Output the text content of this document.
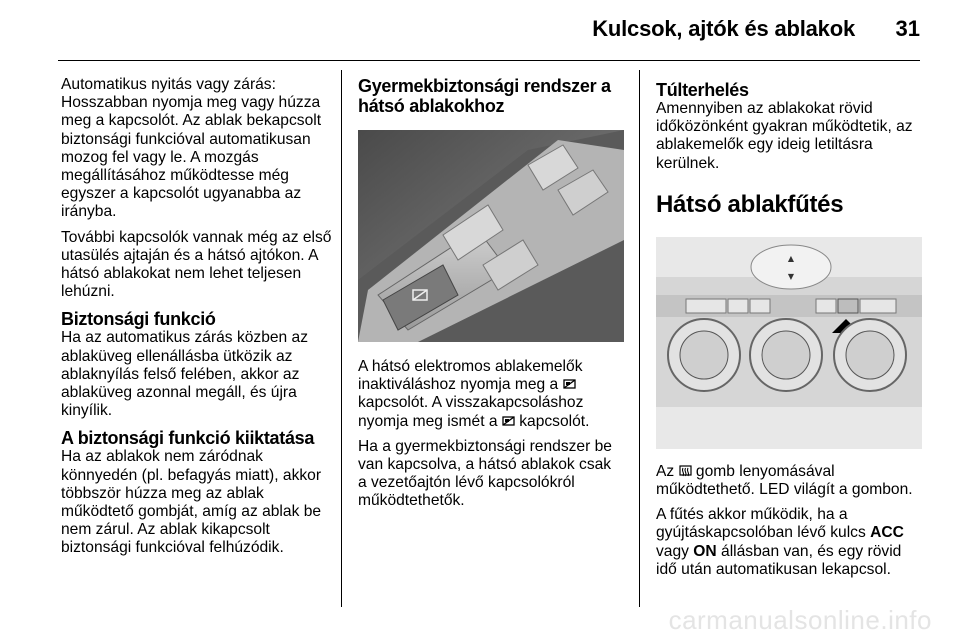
Kulcsok, ajtók és ablakok 31

Automatikus nyitás vagy zárás: Hosszabban nyomja meg vagy húzza meg a kapcsolót. Az ablak bekapcsolt biztonsági funkcióval automatikusan mozog fel vagy le. A mozgás megállításához működtesse még egyszer a kapcsolót ugyanabba az irányba.

További kapcsolók vannak még az első utasülés ajtaján és a hátsó ajtókon. A hátsó ablakokat nem lehet teljesen lehúzni.

Biztonsági funkció

Ha az automatikus zárás közben az ablaküveg ellenállásba ütközik az ablaknyílás felső felében, akkor az ablaküveg azonnal megáll, és újra kinyílik.

A biztonsági funkció kiiktatása

Ha az ablakok nem záródnak könnyedén (pl. befagyás miatt), akkor többször húzza meg az ablak működtető gombját, amíg az ablak be nem zárul. Az ablak kikapcsolt biztonsági funkcióval felhúzódik.

Gyermekbiztonsági rendszer a hátsó ablakokhoz

A hátsó elektromos ablakemelők inaktiváláshoz nyomja meg a  kapcsolót. A visszakapcsoláshoz nyomja meg ismét a kapcsolót.

Ha a gyermekbiztonsági rendszer be van kapcsolva, a hátsó ablakok csak a vezetőajtón lévő kapcsolókról működtethetők.

Túlterhelés

Amennyiben az ablakokat rövid időközönként gyakran működtetik, az ablakemelők egy ideig letiltásra kerülnek.

Hátsó ablakfűtés
▲
▼

Az gomb lenyomásával működtethető. LED világít a gombon.

A fűtés akkor működik, ha a gyújtáskapcsolóban lévő kulcs ACC vagy ON állásban van, és egy rövid idő után automatikusan lekapcsol.

carmanualsonline.info
